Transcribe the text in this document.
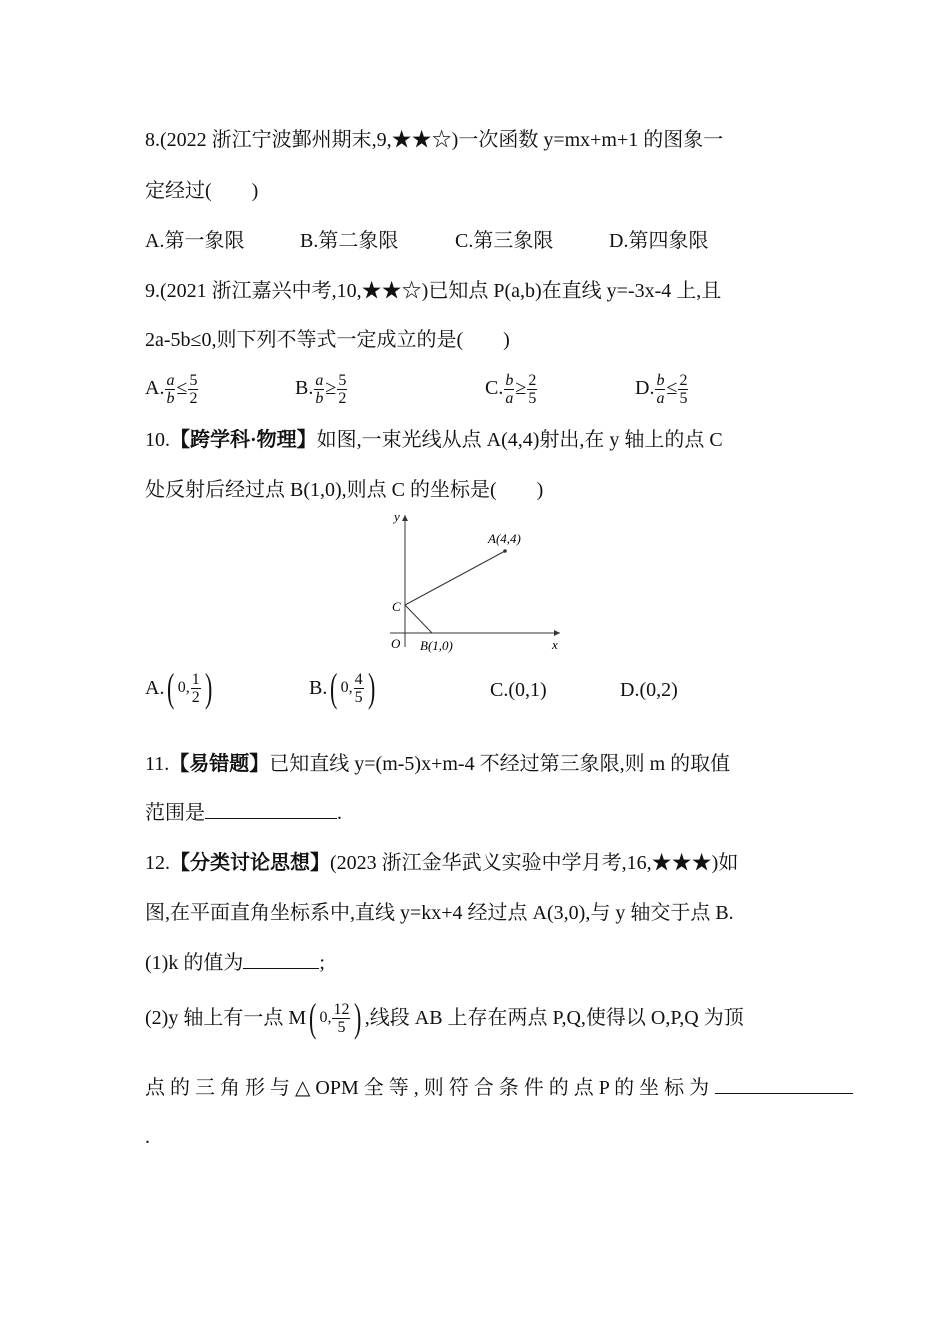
8.(2022 浙江宁波鄞州期末,9,★★☆)一次函数 y=mx+m+1 的图象一
定经过(　　)
A.第一象限	B.第二象限	C.第三象限	D.第四象限
9.(2021 浙江嘉兴中考,10,★★☆)已知点 P(a,b)在直线 y=-3x-4 上,且
2a-5b≤0,则下列不等式一定成立的是(　　)
A. $\frac{a}{b} \le \frac{5}{2}$	B. $\frac{a}{b} \ge \frac{5}{2}$	C. $\frac{b}{a} \ge \frac{2}{5}$	D. $\frac{b}{a} \le \frac{2}{5}$
10.【跨学科·物理】如图,一束光线从点 A(4,4)射出,在 y 轴上的点 C
处反射后经过点 B(1,0),则点 C 的坐标是(　　)
y
x
O
A(4,4)
B(1,0)
C
A. ( 0 , $\frac{1}{2}$ )	B. ( 0 , $\frac{4}{5}$ )	C.(0,1)	D.(0,2)
11.【易错题】已知直线 y=(m-5)x+m-4 不经过第三象限,则 m 的取值
范围是	.
12.【分类讨论思想】(2023 浙江金华武义实验中学月考,16,★★★)如
图,在平面直角坐标系中,直线 y=kx+4 经过点 A(3,0),与 y 轴交于点 B.
(1)k 的值为	;
(2)y 轴上有一点 M ( 0 , $\frac{12}{5}$ ) ,线段 AB 上存在两点 P,Q,使得以 O,P,Q 为顶
点 的 三 角 形 与 △ OPM 全 等 , 则 符 合 条 件 的 点 P 的 坐 标 为
.
